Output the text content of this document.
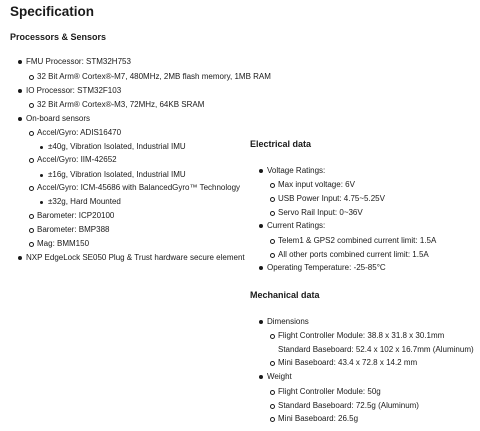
Specification
Processors & Sensors
FMU Processor: STM32H753
32 Bit Arm® Cortex®-M7, 480MHz, 2MB flash memory, 1MB RAM
IO Processor: STM32F103
32 Bit Arm® Cortex®-M3, 72MHz, 64KB SRAM
On-board sensors
Accel/Gyro: ADIS16470
±40g, Vibration Isolated, Industrial IMU
Accel/Gyro: IIM-42652
±16g, Vibration Isolated, Industrial IMU
Accel/Gyro: ICM-45686 with BalancedGyro™ Technology
±32g, Hard Mounted
Barometer: ICP20100
Barometer: BMP388
Mag: BMM150
NXP EdgeLock SE050 Plug & Trust hardware secure element
Electrical data
Voltage Ratings:
Max input voltage: 6V
USB Power Input: 4.75~5.25V
Servo Rail Input: 0~36V
Current Ratings:
Telem1 & GPS2 combined current limit: 1.5A
All other ports combined current limit: 1.5A
Operating Temperature: -25-85°C
Mechanical data
Dimensions
Flight Controller Module: 38.8 x 31.8 x 30.1mm
Standard Baseboard: 52.4 x 102 x 16.7mm (Aluminum)
Mini Baseboard: 43.4 x 72.8 x 14.2 mm
Weight
Flight Controller Module: 50g
Standard Baseboard: 72.5g (Aluminum)
Mini Baseboard: 26.5g
